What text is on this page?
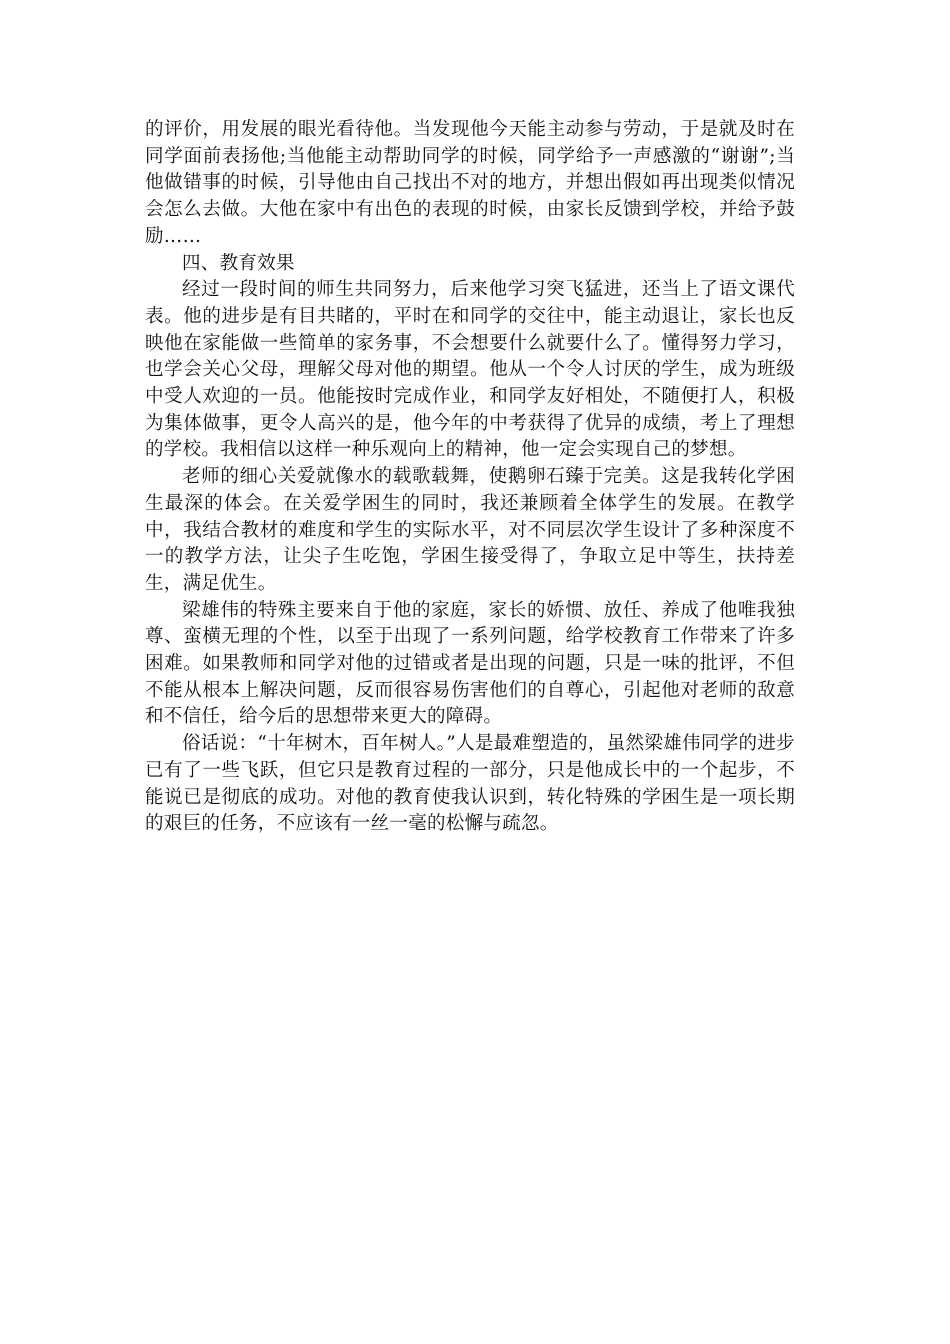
的评价，用发展的眼光看待他。当发现他今天能主动参与劳动，于是就及时在同学面前表扬他;当他能主动帮助同学的时候，同学给予一声感激的“谢谢”;当他做错事的时候，引导他由自己找出不对的地方，并想出假如再出现类似情况会怎么去做。大他在家中有出色的表现的时候，由家长反馈到学校，并给予鼓励……

四、教育效果

经过一段时间的师生共同努力，后来他学习突飞猛进，还当上了语文课代表。他的进步是有目共睹的，平时在和同学的交往中，能主动退让，家长也反映他在家能做一些简单的家务事，不会想要什么就要什么了。懂得努力学习，也学会关心父母，理解父母对他的期望。他从一个令人讨厌的学生，成为班级中受人欢迎的一员。他能按时完成作业，和同学友好相处，不随便打人，积极为集体做事，更令人高兴的是，他今年的中考获得了优异的成绩，考上了理想的学校。我相信以这样一种乐观向上的精神，他一定会实现自己的梦想。

老师的细心关爱就像水的载歌载舞，使鹅卵石臻于完美。这是我转化学困生最深的体会。在关爱学困生的同时，我还兼顾着全体学生的发展。在教学中，我结合教材的难度和学生的实际水平，对不同层次学生设计了多种深度不一的教学方法，让尖子生吃饱，学困生接受得了，争取立足中等生，扶持差生，满足优生。

梁雄伟的特殊主要来自于他的家庭，家长的娇惯、放任、养成了他唯我独尊、蛮横无理的个性，以至于出现了一系列问题，给学校教育工作带来了许多困难。如果教师和同学对他的过错或者是出现的问题，只是一味的批评，不但不能从根本上解决问题，反而很容易伤害他们的自尊心，引起他对老师的敌意和不信任，给今后的思想带来更大的障碍。

俗话说：“十年树木，百年树人。”人是最难塑造的，虽然梁雄伟同学的进步已有了一些飞跃，但它只是教育过程的一部分，只是他成长中的一个起步，不能说已是彻底的成功。对他的教育使我认识到，转化特殊的学困生是一项长期的艰巨的任务，不应该有一丝一毫的松懈与疏忽。
